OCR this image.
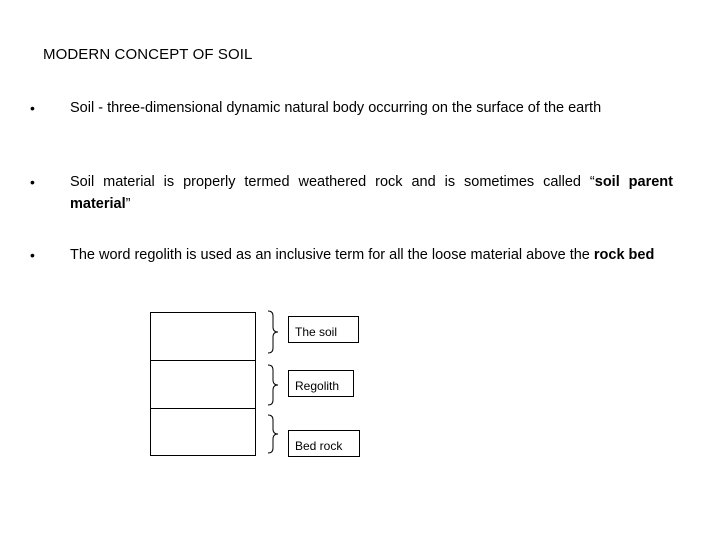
MODERN CONCEPT OF SOIL
• Soil - three-dimensional dynamic natural body occurring on the surface of the earth
• Soil material is properly termed weathered rock and is sometimes called “soil parent material”
• The word regolith is used as an inclusive term for all the loose material above the rock bed
The soil
Regolith
Bed rock
